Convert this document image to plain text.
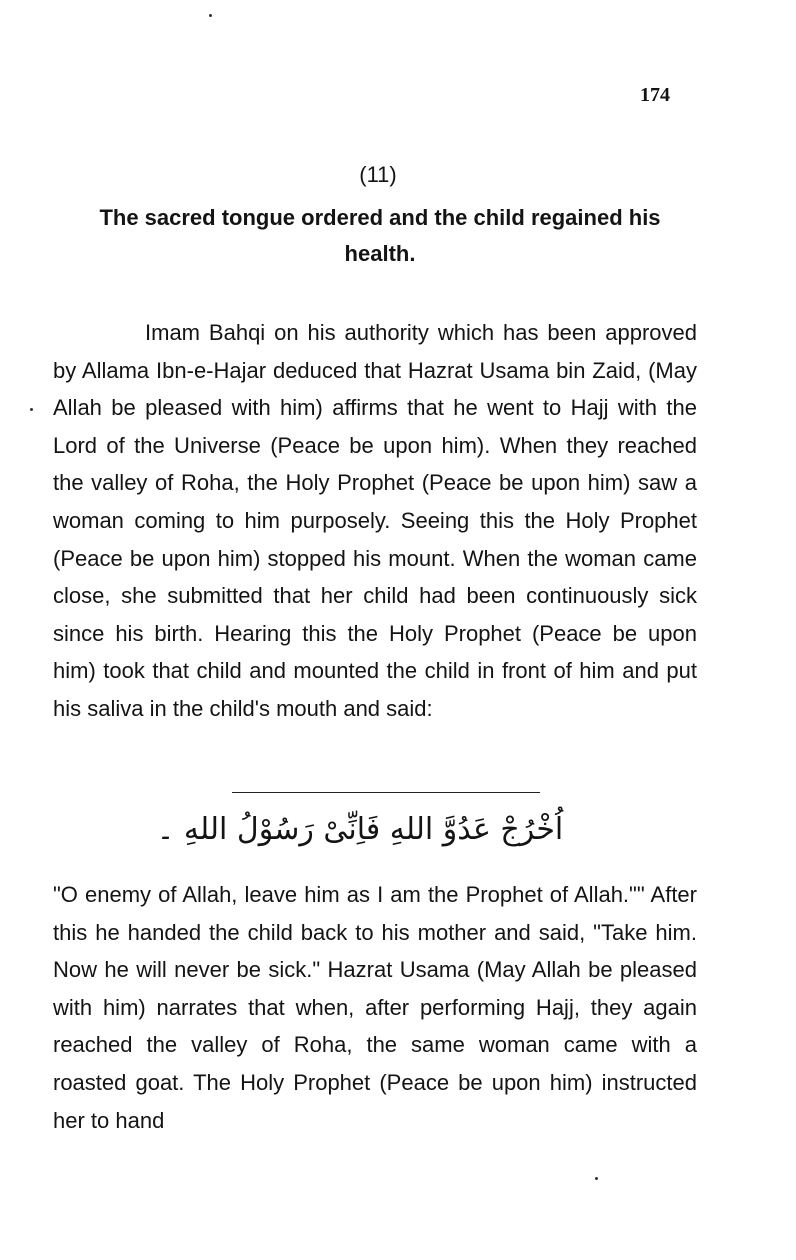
174
(11)
The sacred tongue ordered and the child regained his health.

Imam Bahqi on his authority which has been approved by Allama Ibn-e-Hajar deduced that Hazrat Usama bin Zaid, (May Allah be pleased with him) affirms that he went to Hajj with the Lord of the Universe (Peace be upon him). When they reached the valley of Roha, the Holy Prophet (Peace be upon him) saw a woman coming to him purposely. Seeing this the Holy Prophet (Peace be upon him) stopped his mount. When the woman came close, she submitted that her child had been continuously sick since his birth. Hearing this the Holy Prophet (Peace be upon him) took that child and mounted the child in front of him and put his saliva in the child's mouth and said:

اُخْرُجْ عَدُوَّ اللهِ فَاِنِّیْ رَسُوْلُ اللهِ ۔

"O enemy of Allah, leave him as I am the Prophet of Allah."" After this he handed the child back to his mother and said, "Take him. Now he will never be sick." Hazrat Usama (May Allah be pleased with him) narrates that when, after performing Hajj, they again reached the valley of Roha, the same woman came with a roasted goat. The Holy Prophet (Peace be upon him) instructed her to hand
